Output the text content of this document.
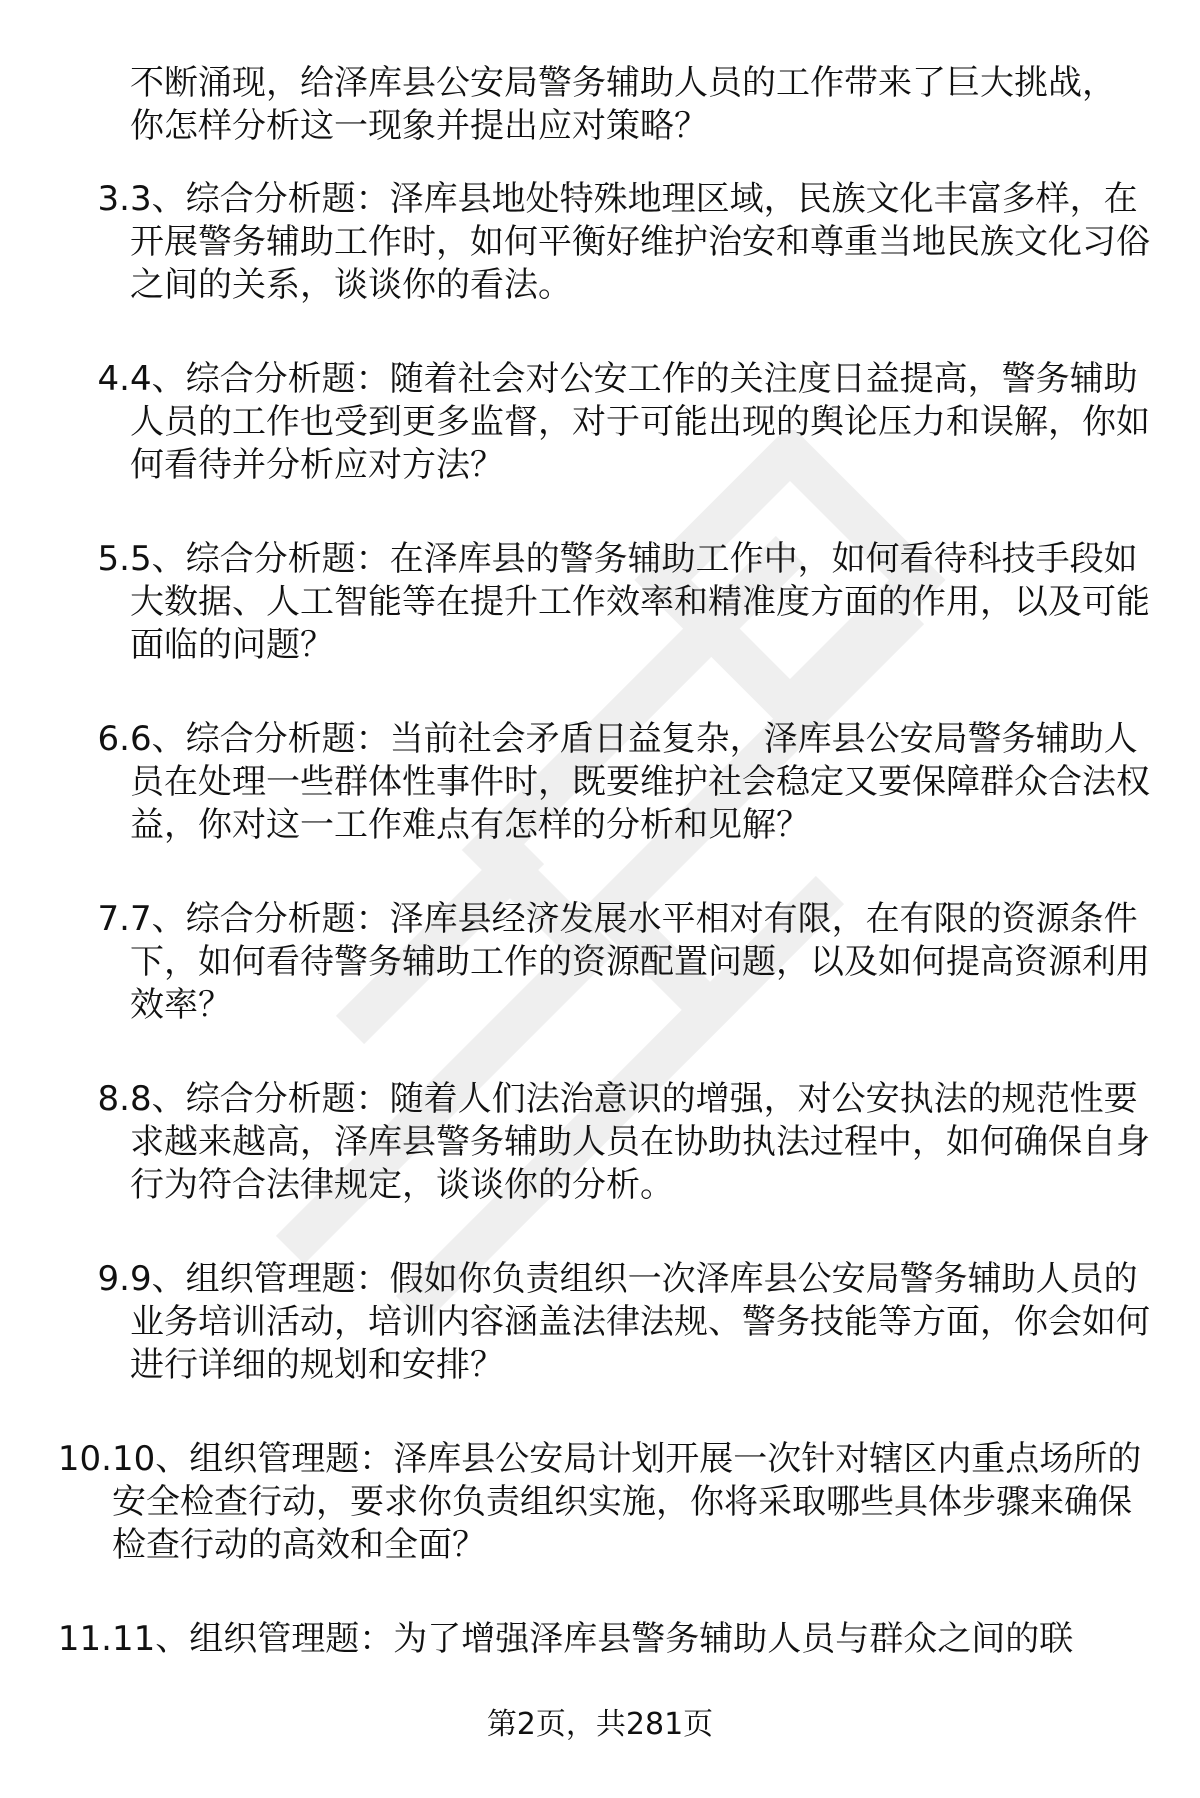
不断涌现，给泽库县公安局警务辅助人员的工作带来了巨大挑战，你怎样分析这一现象并提出应对策略？

3. 3、综合分析题：泽库县地处特殊地理区域，民族文化丰富多样，在开展警务辅助工作时，如何平衡好维护治安和尊重当地民族文化习俗之间的关系，谈谈你的看法。

4. 4、综合分析题：随着社会对公安工作的关注度日益提高，警务辅助人员的工作也受到更多监督，对于可能出现的舆论压力和误解，你如何看待并分析应对方法？

5. 5、综合分析题：在泽库县的警务辅助工作中，如何看待科技手段如大数据、人工智能等在提升工作效率和精准度方面的作用，以及可能面临的问题？

6. 6、综合分析题：当前社会矛盾日益复杂，泽库县公安局警务辅助人员在处理一些群体性事件时，既要维护社会稳定又要保障群众合法权益，你对这一工作难点有怎样的分析和见解？

7. 7、综合分析题：泽库县经济发展水平相对有限，在有限的资源条件下，如何看待警务辅助工作的资源配置问题，以及如何提高资源利用效率？

8. 8、综合分析题：随着人们法治意识的增强，对公安执法的规范性要求越来越高，泽库县警务辅助人员在协助执法过程中，如何确保自身行为符合法律规定，谈谈你的分析。

9. 9、组织管理题：假如你负责组织一次泽库县公安局警务辅助人员的业务培训活动，培训内容涵盖法律法规、警务技能等方面，你会如何进行详细的规划和安排？

10. 10、组织管理题：泽库县公安局计划开展一次针对辖区内重点场所的安全检查行动，要求你负责组织实施，你将采取哪些具体步骤来确保检查行动的高效和全面？

11. 11、组织管理题：为了增强泽库县警务辅助人员与群众之间的联

第2页，共281页
